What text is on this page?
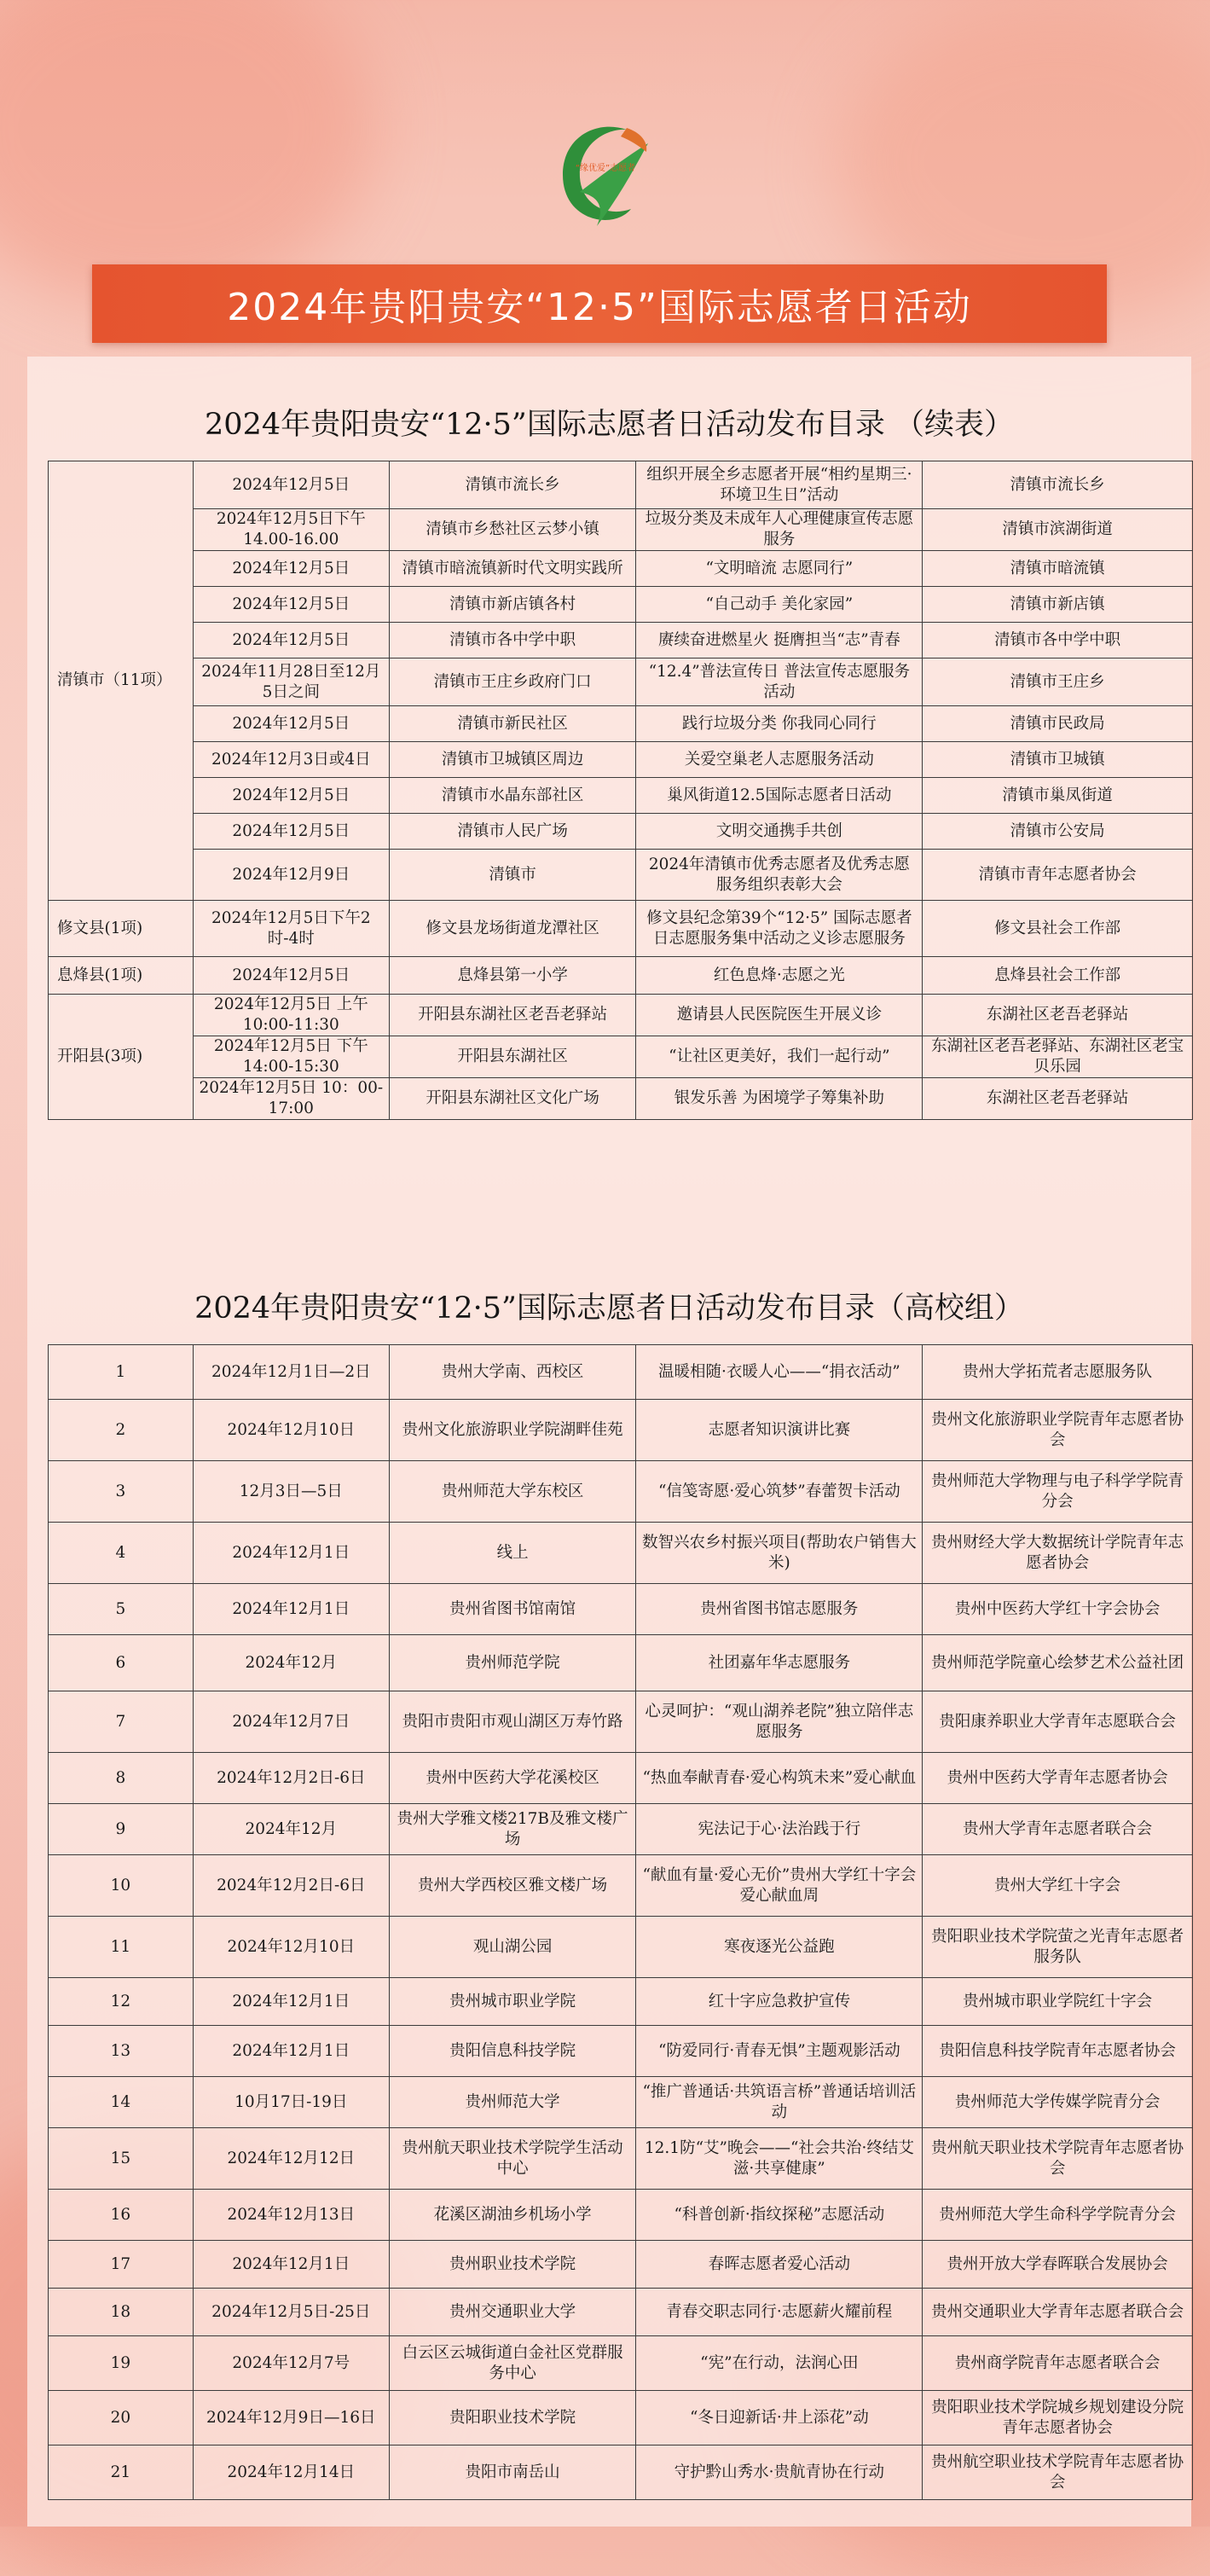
“缘优爱”志愿者
2024年贵阳贵安“12·5”国际志愿者日活动
2024年贵阳贵安“12·5”国际志愿者日活动发布目录 （续表）
清镇市（11项）	2024年12月5日	清镇市流长乡	组织开展全乡志愿者开展“相约星期三·环境卫生日”活动	清镇市流长乡
	2024年12月5日下午14.00-16.00	清镇市乡愁社区云梦小镇	垃圾分类及未成年人心理健康宣传志愿服务	清镇市滨湖街道
	2024年12月5日	清镇市暗流镇新时代文明实践所	“文明暗流 志愿同行”	清镇市暗流镇
	2024年12月5日	清镇市新店镇各村	“自己动手 美化家园”	清镇市新店镇
	2024年12月5日	清镇市各中学中职	赓续奋进燃星火 挺膺担当“志”青春	清镇市各中学中职
	2024年11月28日至12月5日之间	清镇市王庄乡政府门口	“12.4”普法宣传日 普法宣传志愿服务活动	清镇市王庄乡
	2024年12月5日	清镇市新民社区	践行垃圾分类 你我同心同行	清镇市民政局
	2024年12月3日或4日	清镇市卫城镇区周边	关爱空巢老人志愿服务活动	清镇市卫城镇
	2024年12月5日	清镇市水晶东部社区	巢风街道12.5国际志愿者日活动	清镇市巢凤街道
	2024年12月5日	清镇市人民广场	文明交通携手共创	清镇市公安局
	2024年12月9日	清镇市	2024年清镇市优秀志愿者及优秀志愿服务组织表彰大会	清镇市青年志愿者协会
修文县(1项)	2024年12月5日下午2时-4时	修文县龙场街道龙潭社区	修文县纪念第39个“12·5” 国际志愿者日志愿服务集中活动之义诊志愿服务	修文县社会工作部
息烽县(1项)	2024年12月5日	息烽县第一小学	红色息烽·志愿之光	息烽县社会工作部
开阳县(3项)	2024年12月5日 上午10:00-11:30	开阳县东湖社区老吾老驿站	邀请县人民医院医生开展义诊	东湖社区老吾老驿站
	2024年12月5日 下午14:00-15:30	开阳县东湖社区	“让社区更美好，我们一起行动”	东湖社区老吾老驿站、东湖社区老宝贝乐园
	2024年12月5日 10：00-17:00	开阳县东湖社区文化广场	银发乐善 为困境学子筹集补助	东湖社区老吾老驿站
2024年贵阳贵安“12·5”国际志愿者日活动发布目录（高校组）
1	2024年12月1日—2日	贵州大学南、西校区	温暖相随·衣暖人心——“捐衣活动”	贵州大学拓荒者志愿服务队
2	2024年12月10日	贵州文化旅游职业学院湖畔佳苑	志愿者知识演讲比赛	贵州文化旅游职业学院青年志愿者协会
3	12月3日—5日	贵州师范大学东校区	“信笺寄愿·爱心筑梦”春蕾贺卡活动	贵州师范大学物理与电子科学学院青分会
4	2024年12月1日	线上	数智兴农乡村振兴项目(帮助农户销售大米)	贵州财经大学大数据统计学院青年志愿者协会
5	2024年12月1日	贵州省图书馆南馆	贵州省图书馆志愿服务	贵州中医药大学红十字会协会
6	2024年12月	贵州师范学院	社团嘉年华志愿服务	贵州师范学院童心绘梦艺术公益社团
7	2024年12月7日	贵阳市贵阳市观山湖区万寿竹路	心灵呵护：“观山湖养老院”独立陪伴志愿服务	贵阳康养职业大学青年志愿联合会
8	2024年12月2日-6日	贵州中医药大学花溪校区	“热血奉献青春·爱心构筑未来”爱心献血	贵州中医药大学青年志愿者协会
9	2024年12月	贵州大学雅文楼217B及雅文楼广场	宪法记于心·法治践于行	贵州大学青年志愿者联合会
10	2024年12月2日-6日	贵州大学西校区雅文楼广场	“献血有量·爱心无价”贵州大学红十字会爱心献血周	贵州大学红十字会
11	2024年12月10日	观山湖公园	寒夜逐光公益跑	贵阳职业技术学院萤之光青年志愿者服务队
12	2024年12月1日	贵州城市职业学院	红十字应急救护宣传	贵州城市职业学院红十字会
13	2024年12月1日	贵阳信息科技学院	“防爱同行·青春无惧”主题观影活动	贵阳信息科技学院青年志愿者协会
14	10月17日-19日	贵州师范大学	“推广普通话·共筑语言桥”普通话培训活动	贵州师范大学传媒学院青分会
15	2024年12月12日	贵州航天职业技术学院学生活动中心	12.1防“艾”晚会——“社会共治·终结艾滋·共享健康”	贵州航天职业技术学院青年志愿者协会
16	2024年12月13日	花溪区湖油乡机场小学	“科普创新·指纹探秘”志愿活动	贵州师范大学生命科学学院青分会
17	2024年12月1日	贵州职业技术学院	春晖志愿者爱心活动	贵州开放大学春晖联合发展协会
18	2024年12月5日-25日	贵州交通职业大学	青春交职志同行·志愿薪火耀前程	贵州交通职业大学青年志愿者联合会
19	2024年12月7号	白云区云城街道白金社区党群服务中心	“宪”在行动，法润心田	贵州商学院青年志愿者联合会
20	2024年12月9日—16日	贵阳职业技术学院	“冬日迎新话·井上添花”动	贵阳职业技术学院城乡规划建设分院青年志愿者协会
21	2024年12月14日	贵阳市南岳山	守护黔山秀水·贵航青协在行动	贵州航空职业技术学院青年志愿者协会
